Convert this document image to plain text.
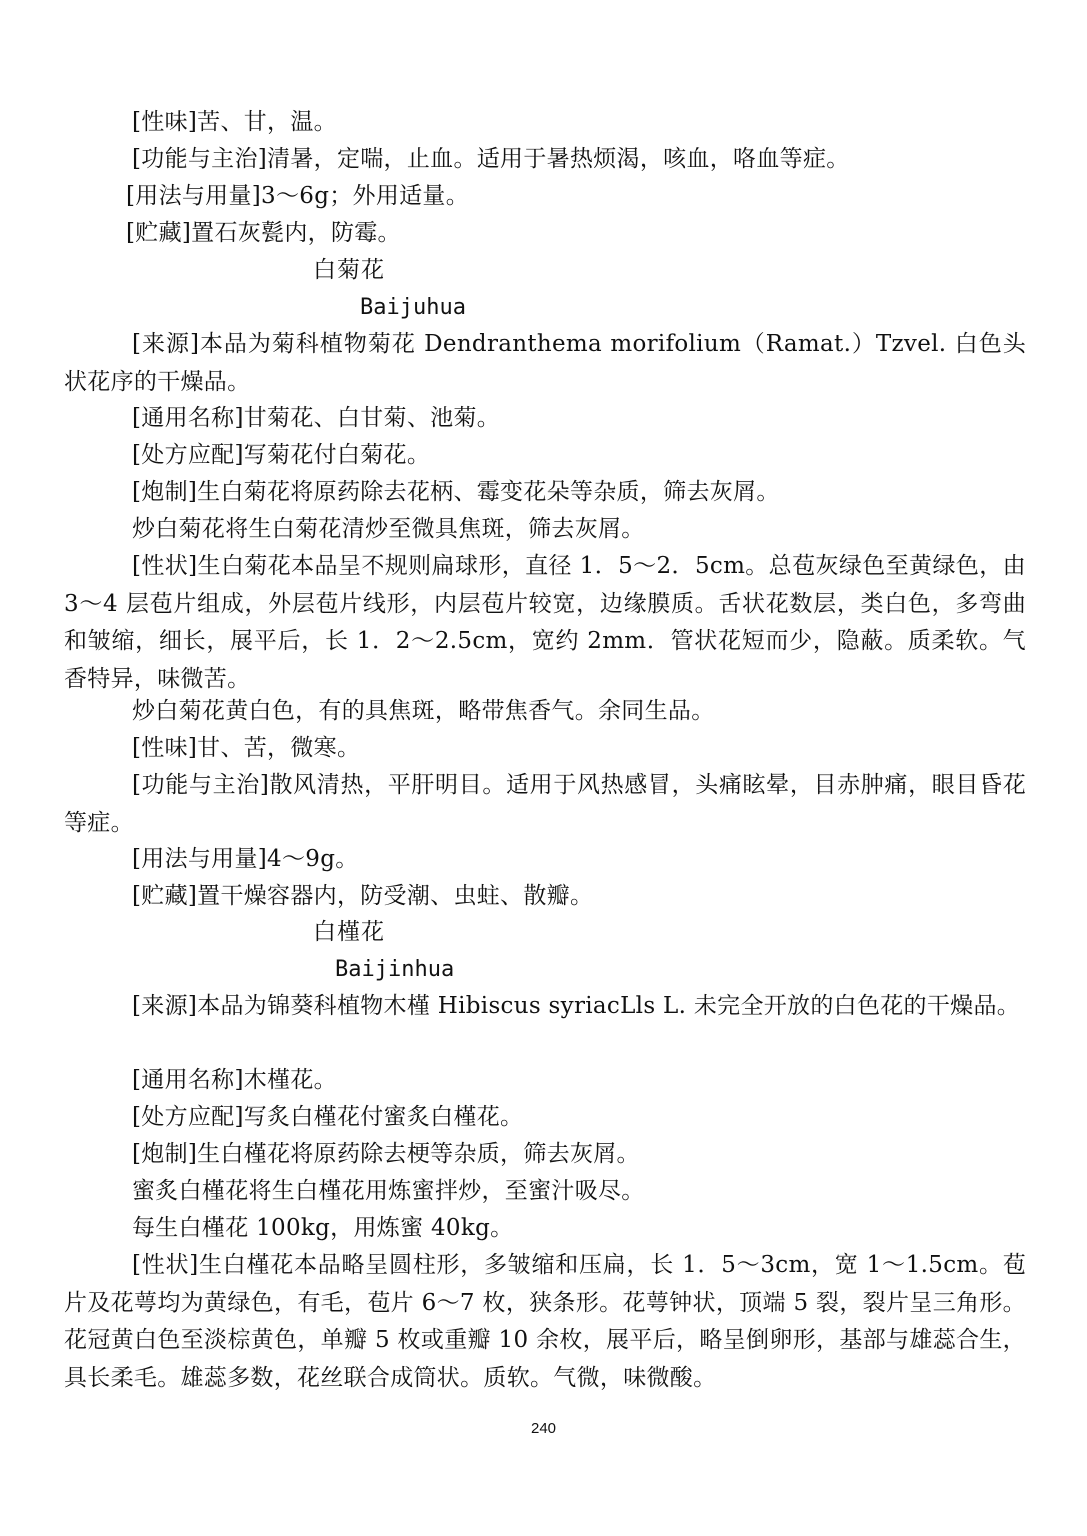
[性味]苦、甘，温。

[功能与主治]清暑，定喘，止血。适用于暑热烦渴，咳血，咯血等症。

[用法与用量]3～6g；外用适量。

[贮藏]置石灰甏内，防霉。

白菊花

Baijuhua

[来源]本品为菊科植物菊花 Dendranthema morifolium（Ramat.）Tzvel. 白色头状花序的干燥品。

[通用名称]甘菊花、白甘菊、池菊。

[处方应配]写菊花付白菊花。

[炮制]生白菊花将原药除去花柄、霉变花朵等杂质，筛去灰屑。

炒白菊花将生白菊花清炒至微具焦斑，筛去灰屑。

[性状]生白菊花本品呈不规则扁球形，直径 1．5～2．5cm。总苞灰绿色至黄绿色，由 3～4 层苞片组成，外层苞片线形，内层苞片较宽，边缘膜质。舌状花数层，类白色，多弯曲和皱缩，细长，展平后，长 1．2～2.5cm，宽约 2mm．管状花短而少，隐蔽。质柔软。气香特异，味微苦。

炒白菊花黄白色，有的具焦斑，略带焦香气。余同生品。

[性味]甘、苦，微寒。

[功能与主治]散风清热，平肝明目。适用于风热感冒，头痛眩晕，目赤肿痛，眼目昏花等症。

[用法与用量]4～9g。

[贮藏]置干燥容器内，防受潮、虫蛀、散瓣。

白槿花

Baijinhua

[来源]本品为锦葵科植物木槿 Hibiscus syriacLls L. 未完全开放的白色花的干燥品。

[通用名称]木槿花。

[处方应配]写炙白槿花付蜜炙白槿花。

[炮制]生白槿花将原药除去梗等杂质，筛去灰屑。

蜜炙白槿花将生白槿花用炼蜜拌炒，至蜜汁吸尽。

每生白槿花 100kg，用炼蜜 40kg。

[性状]生白槿花本品略呈圆柱形，多皱缩和压扁，长 1．5～3cm，宽 1～1.5cm。苞片及花萼均为黄绿色，有毛，苞片 6～7 枚，狭条形。花萼钟状，顶端 5 裂，裂片呈三角形。花冠黄白色至淡棕黄色，单瓣 5 枚或重瓣 10 余枚，展平后，略呈倒卵形，基部与雄蕊合生，具长柔毛。雄蕊多数，花丝联合成筒状。质软。气微，味微酸。

240
